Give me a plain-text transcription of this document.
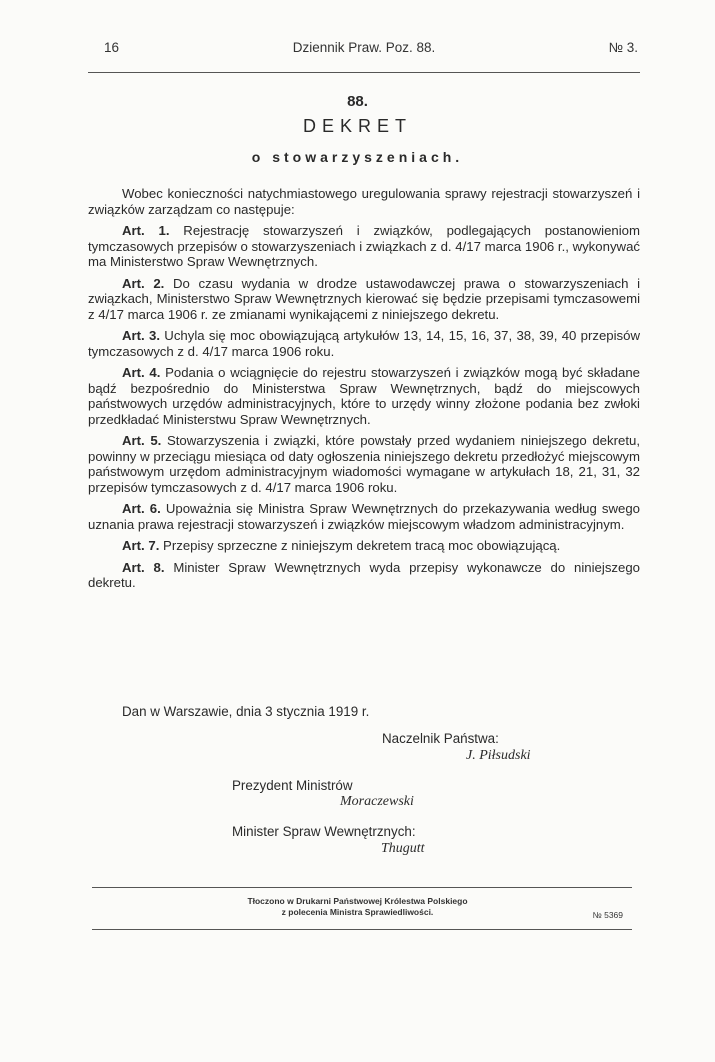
16	Dziennik Praw. Poz. 88.	№ 3.
88.
DEKRET
o stowarzyszeniach.

Wobec konieczności natychmiastowego uregulowania sprawy rejestracji stowarzyszeń i związków zarządzam co następuje:

Art. 1. Rejestrację stowarzyszeń i związków, podlegających postanowieniom tymczasowych przepisów o stowarzyszeniach i związkach z d. 4/17 marca 1906 r., wykonywać ma Ministerstwo Spraw Wewnętrznych.

Art. 2. Do czasu wydania w drodze ustawodawczej prawa o stowarzyszeniach i związkach, Ministerstwo Spraw Wewnętrznych kierować się będzie przepisami tymczasowemi z 4/17 marca 1906 r. ze zmianami wynikającemi z niniejszego dekretu.

Art. 3. Uchyla się moc obowiązującą artykułów 13, 14, 15, 16, 37, 38, 39, 40 przepisów tymczasowych z d. 4/17 marca 1906 roku.

Art. 4. Podania o wciągnięcie do rejestru stowarzyszeń i związków mogą być składane bądź bezpośrednio do Ministerstwa Spraw Wewnętrznych, bądź do miejscowych państwowych urzędów administracyjnych, które to urzędy winny złożone podania bez zwłoki przedkładać Ministerstwu Spraw Wewnętrznych.

Art. 5. Stowarzyszenia i związki, które powstały przed wydaniem niniejszego dekretu, powinny w przeciągu miesiąca od daty ogłoszenia niniejszego dekretu przedłożyć miejscowym państwowym urzędom administracyjnym wiadomości wymagane w artykułach 18, 21, 31, 32 przepisów tymczasowych z d. 4/17 marca 1906 roku.

Art. 6. Upoważnia się Ministra Spraw Wewnętrznych do przekazywania według swego uznania prawa rejestracji stowarzyszeń i związków miejscowym władzom administracyjnym.

Art. 7. Przepisy sprzeczne z niniejszym dekretem tracą moc obowiązującą.

Art. 8. Minister Spraw Wewnętrznych wyda przepisy wykonawcze do niniejszego dekretu.

Dan w Warszawie, dnia 3 stycznia 1919 r.
Naczelnik Państwa:
J. Piłsudski
Prezydent Ministrów
Moraczewski
Minister Spraw Wewnętrznych:
Thugutt
Tłoczono w Drukarni Państwowej Królestwa Polskiego
z polecenia Ministra Sprawiedliwości.	№ 5369
